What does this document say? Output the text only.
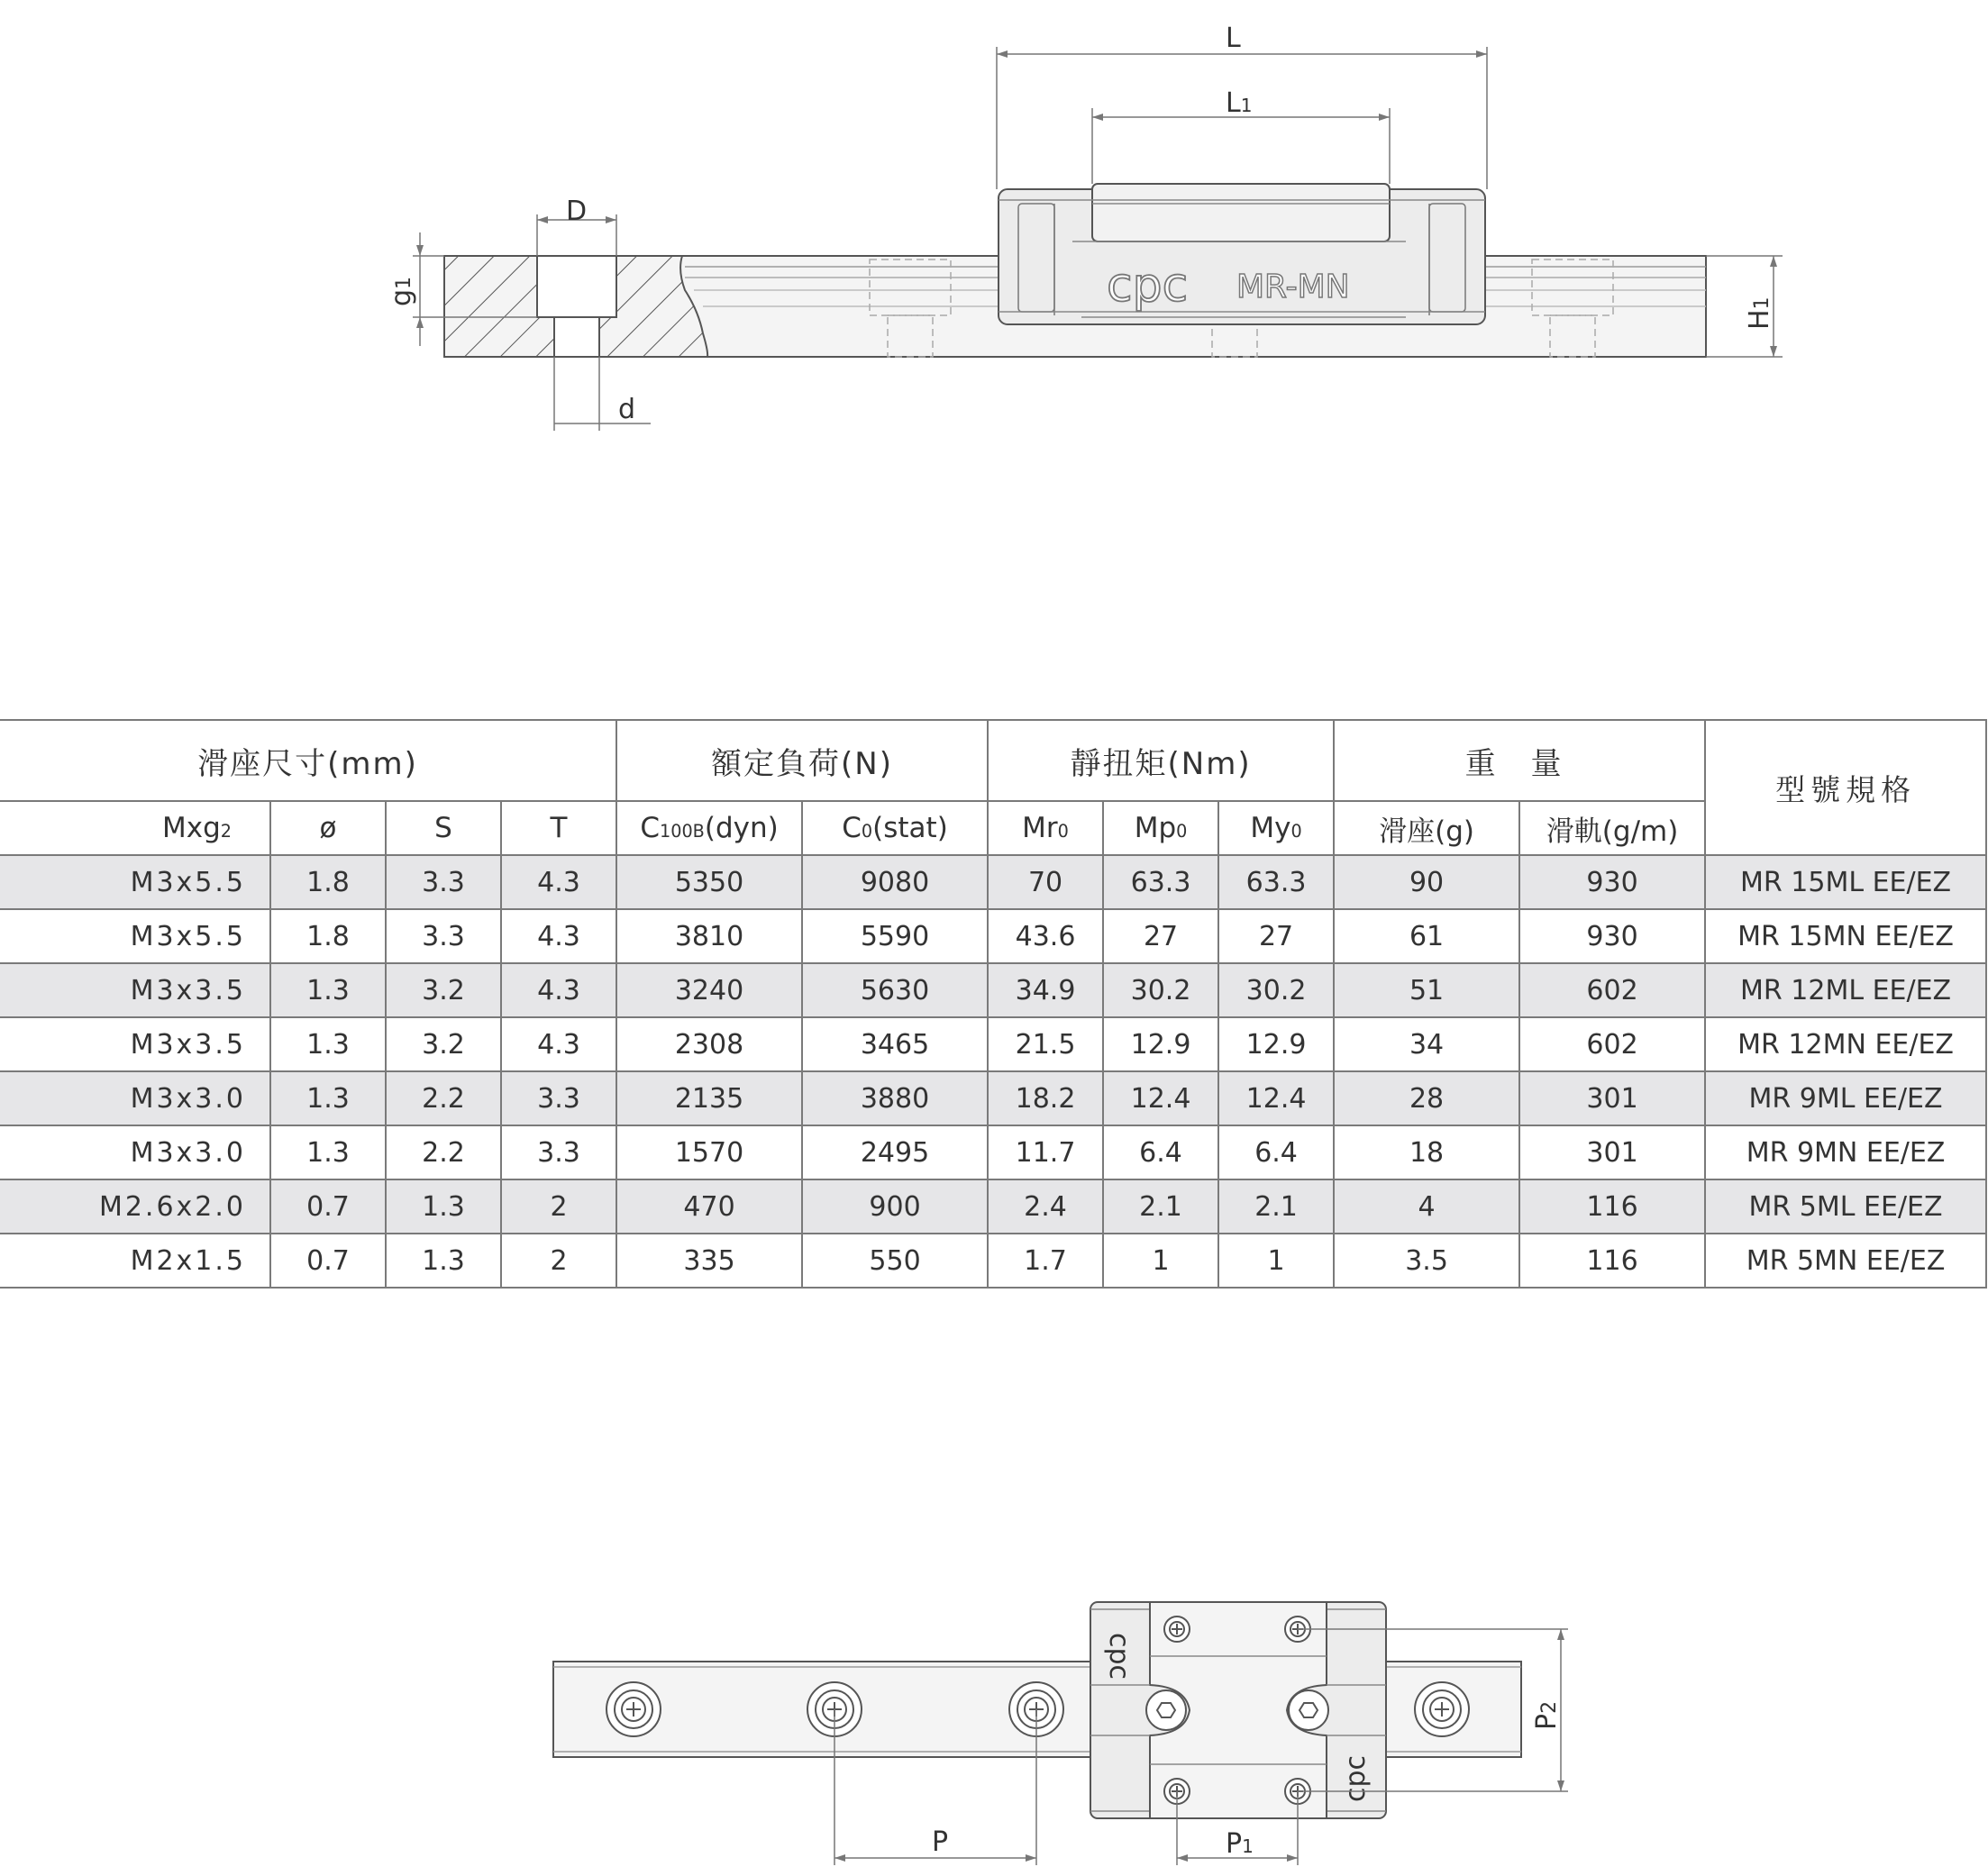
cpc MR-MN
L
L1
D
d
g1
H1
滑座尺寸(mm)				額定負荷(N)		靜扭矩(Nm)			重 量		型號規格
Mxg2	ø	S	T	C100B(dyn)	C0(stat)	Mr0	Mp0	My0	滑座(g)	滑軌(g/m)	
M3x5.5	1.8	3.3	4.3	5350	9080	70	63.3	63.3	90	930	MR 15ML EE/EZ
M3x5.5	1.8	3.3	4.3	3810	5590	43.6	27	27	61	930	MR 15MN EE/EZ
M3x3.5	1.3	3.2	4.3	3240	5630	34.9	30.2	30.2	51	602	MR 12ML EE/EZ
M3x3.5	1.3	3.2	4.3	2308	3465	21.5	12.9	12.9	34	602	MR 12MN EE/EZ
M3x3.0	1.3	2.2	3.3	2135	3880	18.2	12.4	12.4	28	301	MR 9ML EE/EZ
M3x3.0	1.3	2.2	3.3	1570	2495	11.7	6.4	6.4	18	301	MR 9MN EE/EZ
M2.6x2.0	0.7	1.3	2	470	900	2.4	2.1	2.1	4	116	MR 5ML EE/EZ
M2x1.5	0.7	1.3	2	335	550	1.7	1	1	3.5	116	MR 5MN EE/EZ
cpc
cpc
P	P1
P2
